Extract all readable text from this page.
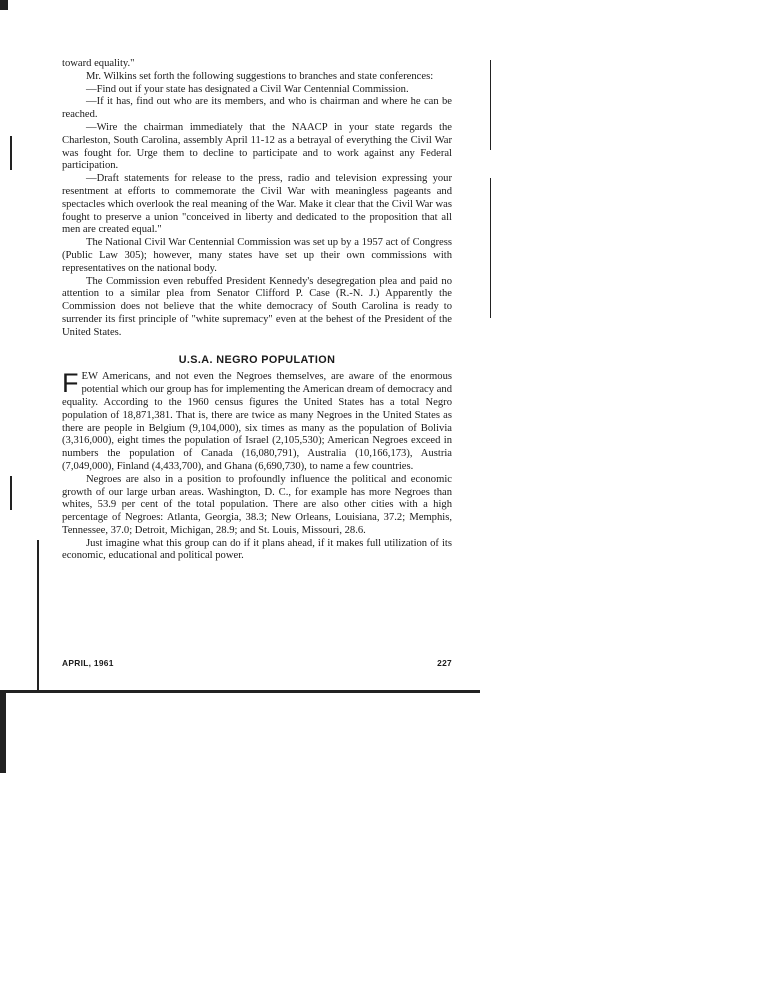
toward equality."

Mr. Wilkins set forth the following suggestions to branches and state conferences:

—Find out if your state has designated a Civil War Centennial Commission.

—If it has, find out who are its members, and who is chairman and where he can be reached.

—Wire the chairman immediately that the NAACP in your state regards the Charleston, South Carolina, assembly April 11-12 as a betrayal of everything the Civil War was fought for. Urge them to decline to participate and to work against any Federal participation.

—Draft statements for release to the press, radio and television expressing your resentment at efforts to commemorate the Civil War with meaningless pageants and spectacles which overlook the real meaning of the War. Make it clear that the Civil War was fought to preserve a union "conceived in liberty and dedicated to the proposition that all men are created equal."

The National Civil War Centennial Commission was set up by a 1957 act of Congress (Public Law 305); however, many states have set up their own commissions with representatives on the national body.

The Commission even rebuffed President Kennedy's desegregation plea and paid no attention to a similar plea from Senator Clifford P. Case (R.-N. J.) Apparently the Commission does not believe that the white democracy of South Carolina is ready to surrender its first principle of "white supremacy" even at the behest of the President of the United States.

U.S.A. NEGRO POPULATION

FEW Americans, and not even the Negroes themselves, are aware of the enormous potential which our group has for implementing the American dream of democracy and equality. According to the 1960 census figures the United States has a total Negro population of 18,871,381. That is, there are twice as many Negroes in the United States as there are people in Belgium (9,104,000), six times as many as the population of Bolivia (3,316,000), eight times the population of Israel (2,105,530); American Negroes exceed in numbers the population of Canada (16,080,791), Australia (10,166,173), Austria (7,049,000), Finland (4,433,700), and Ghana (6,690,730), to name a few countries.

Negroes are also in a position to profoundly influence the political and economic growth of our large urban areas. Washington, D. C., for example has more Negroes than whites, 53.9 per cent of the total population. There are also other cities with a high percentage of Negroes: Atlanta, Georgia, 38.3; New Orleans, Louisiana, 37.2; Memphis, Tennessee, 37.0; Detroit, Michigan, 28.9; and St. Louis, Missouri, 28.6.

Just imagine what this group can do if it plans ahead, if it makes full utilization of its economic, educational and political power.

APRIL, 1961	227
